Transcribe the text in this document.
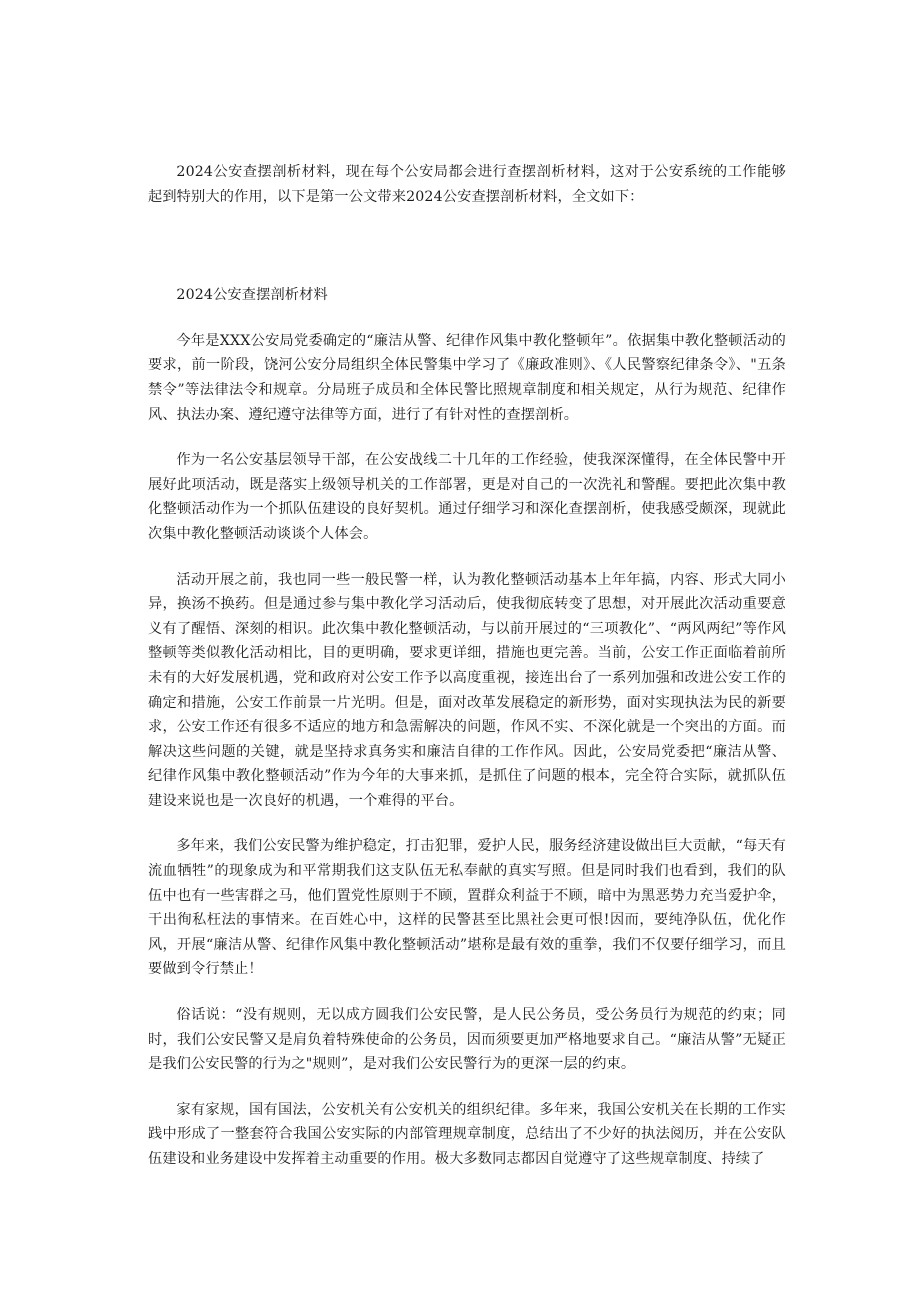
2024公安查摆剖析材料，现在每个公安局都会进行查摆剖析材料，这对于公安系统的工作能够起到特别大的作用，以下是第一公文带来2024公安查摆剖析材料，全文如下：

2024公安查摆剖析材料

今年是XXX公安局党委确定的“廉洁从警、纪律作风集中教化整顿年”。依据集中教化整顿活动的要求，前一阶段，饶河公安分局组织全体民警集中学习了《廉政准则》、《人民警察纪律条令》、"五条禁令”等法律法令和规章。分局班子成员和全体民警比照规章制度和相关规定，从行为规范、纪律作风、执法办案、遵纪遵守法律等方面，进行了有针对性的查摆剖析。

作为一名公安基层领导干部，在公安战线二十几年的工作经验，使我深深懂得，在全体民警中开展好此项活动，既是落实上级领导机关的工作部署，更是对自己的一次洗礼和警醒。要把此次集中教化整顿活动作为一个抓队伍建设的良好契机。通过仔细学习和深化查摆剖析，使我感受颇深，现就此次集中教化整顿活动谈谈个人体会。

活动开展之前，我也同一些一般民警一样，认为教化整顿活动基本上年年搞，内容、形式大同小异，换汤不换药。但是通过参与集中教化学习活动后，使我彻底转变了思想，对开展此次活动重要意义有了醒悟、深刻的相识。此次集中教化整顿活动，与以前开展过的“三项教化”、“两风两纪”等作风整顿等类似教化活动相比，目的更明确，要求更详细，措施也更完善。当前，公安工作正面临着前所未有的大好发展机遇，党和政府对公安工作予以高度重视，接连出台了一系列加强和改进公安工作的确定和措施，公安工作前景一片光明。但是，面对改革发展稳定的新形势，面对实现执法为民的新要求，公安工作还有很多不适应的地方和急需解决的问题，作风不实、不深化就是一个突出的方面。而解决这些问题的关键，就是坚持求真务实和廉洁自律的工作作风。因此，公安局党委把“廉洁从警、纪律作风集中教化整顿活动”作为今年的大事来抓，是抓住了问题的根本，完全符合实际，就抓队伍建设来说也是一次良好的机遇，一个难得的平台。

多年来，我们公安民警为维护稳定，打击犯罪，爱护人民，服务经济建设做出巨大贡献，“每天有流血牺牲”的现象成为和平常期我们这支队伍无私奉献的真实写照。但是同时我们也看到，我们的队伍中也有一些害群之马，他们置党性原则于不顾，置群众利益于不顾，暗中为黑恶势力充当爱护伞，干出徇私枉法的事情来。在百姓心中，这样的民警甚至比黑社会更可恨!因而，要纯净队伍，优化作风，开展“廉洁从警、纪律作风集中教化整顿活动”堪称是最有效的重拳，我们不仅要仔细学习，而且要做到令行禁止！

俗话说：“没有规则，无以成方圆我们公安民警，是人民公务员，受公务员行为规范的约束；同时，我们公安民警又是肩负着特殊使命的公务员，因而须要更加严格地要求自己。“廉洁从警”无疑正是我们公安民警的行为之"规则”，是对我们公安民警行为的更深一层的约束。

家有家规，国有国法，公安机关有公安机关的组织纪律。多年来，我国公安机关在长期的工作实践中形成了一整套符合我国公安实际的内部管理规章制度，总结出了不少好的执法阅历，并在公安队伍建设和业务建设中发挥着主动重要的作用。极大多数同志都因自觉遵守了这些规章制度、持续了
